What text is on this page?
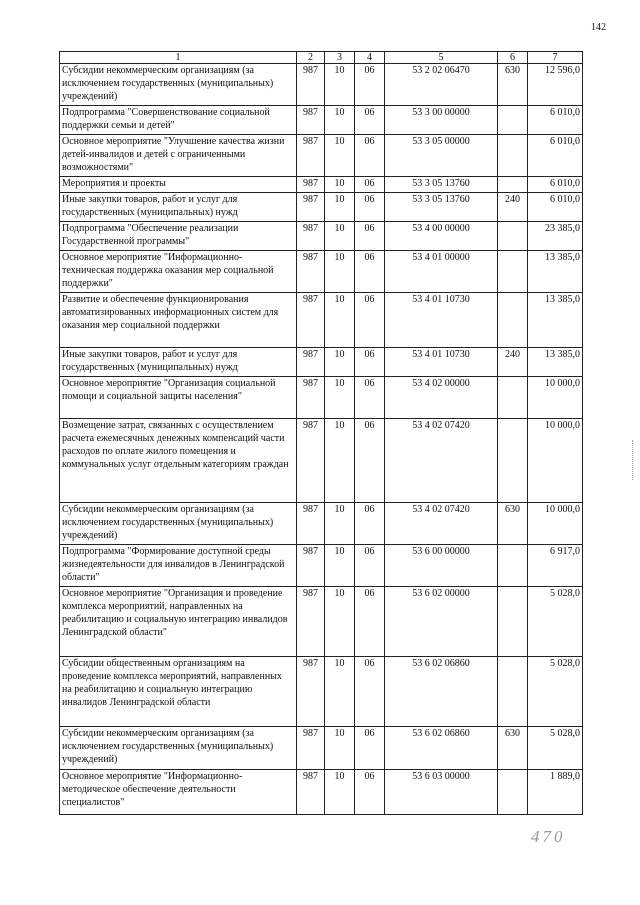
142
1	2	3	4	5	6	7
Субсидии некоммерческим организациям (за исключением государственных (муниципальных) учреждений)	987	10	06	53 2 02 06470	630	12 596,0
Подпрограмма "Совершенствование социальной поддержки семьи и детей"	987	10	06	53 3 00 00000		6 010,0
Основное мероприятие "Улучшение качества жизни детей-инвалидов и детей с ограниченными возможностями"	987	10	06	53 3 05 00000		6 010,0
Мероприятия и проекты	987	10	06	53 3 05 13760		6 010,0
Иные закупки товаров, работ и услуг для государственных (муниципальных) нужд	987	10	06	53 3 05 13760	240	6 010,0
Подпрограмма "Обеспечение реализации Государственной программы"	987	10	06	53 4 00 00000		23 385,0
Основное мероприятие "Информационно-техническая поддержка оказания мер социальной поддержки"	987	10	06	53 4 01 00000		13 385,0
Развитие и обеспечение функционирования автоматизированных информационных систем для оказания мер социальной поддержки	987	10	06	53 4 01 10730		13 385,0
Иные закупки товаров, работ и услуг для государственных (муниципальных) нужд	987	10	06	53 4 01 10730	240	13 385,0
Основное мероприятие "Организация социальной помощи и социальной защиты населения"	987	10	06	53 4 02 00000		10 000,0
Возмещение затрат, связанных с осуществлением расчета ежемесячных денежных компенсаций части расходов по оплате жилого помещения и коммунальных услуг отдельным категориям граждан	987	10	06	53 4 02 07420		10 000,0
Субсидии некоммерческим организациям (за исключением государственных (муниципальных) учреждений)	987	10	06	53 4 02 07420	630	10 000,0
Подпрограмма "Формирование доступной среды жизнедеятельности для инвалидов в Ленинградской области"	987	10	06	53 6 00 00000		6 917,0
Основное мероприятие "Организация и проведение комплекса мероприятий, направленных на реабилитацию и социальную интеграцию инвалидов Ленинградской области"	987	10	06	53 6 02 00000		5 028,0
Субсидии общественным организациям на проведение комплекса мероприятий, направленных на реабилитацию и социальную интеграцию инвалидов Ленинградской области	987	10	06	53 6 02 06860		5 028,0
Субсидии некоммерческим организациям (за исключением государственных (муниципальных) учреждений)	987	10	06	53 6 02 06860	630	5 028,0
Основное мероприятие "Информационно-методическое обеспечение деятельности специалистов"	987	10	06	53 6 03 00000		1 889,0
470
